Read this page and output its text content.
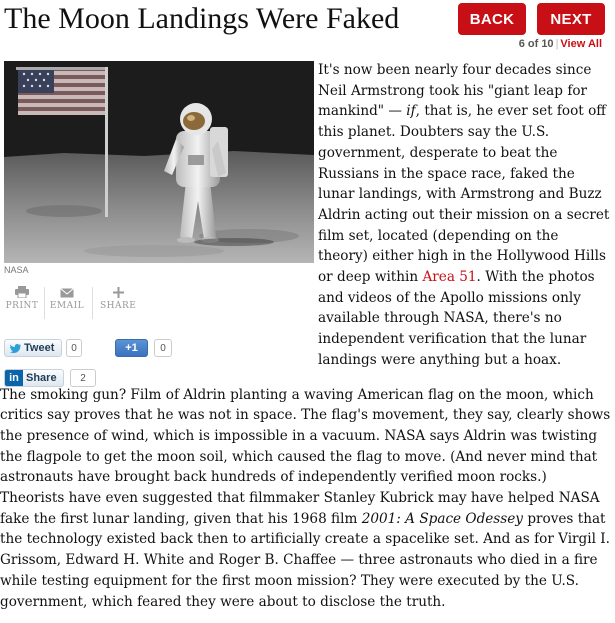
The Moon Landings Were Faked	BACK	NEXT
6 of 10 | View All

It's now been nearly four decades since Neil Armstrong took his "giant leap for mankind" — if, that is, he ever set foot off this planet. Doubters say the U.S. government, desperate to beat the Russians in the space race, faked the lunar landings, with Armstrong and Buzz Aldrin acting out their mission on a secret film set, located (depending on the theory) either high in the Hollywood Hills or deep within Area 51. With the photos and videos of the Apollo missions only available through NASA, there's no independent verification that the lunar landings were anything but a hoax.

The smoking gun? Film of Aldrin planting a waving American flag on the moon, which critics say proves that he was not in space. The flag's movement, they say, clearly shows the presence of wind, which is impossible in a vacuum. NASA says Aldrin was twisting the flagpole to get the moon soil, which caused the flag to move. (And never mind that astronauts have brought back hundreds of independently verified moon rocks.) Theorists have even suggested that filmmaker Stanley Kubrick may have helped NASA fake the first lunar landing, given that his 1968 film 2001: A Space Odessey proves that the technology existed back then to artificially create a spacelike set. And as for Virgil I. Grissom, Edward H. White and Roger B. Chaffee — three astronauts who died in a fire while testing equipment for the first moon mission? They were executed by the U.S. government, which feared they were about to disclose the truth.

NASA
PRINT EMAIL SHARE
Tweet	0	+1	0
in Share	2
